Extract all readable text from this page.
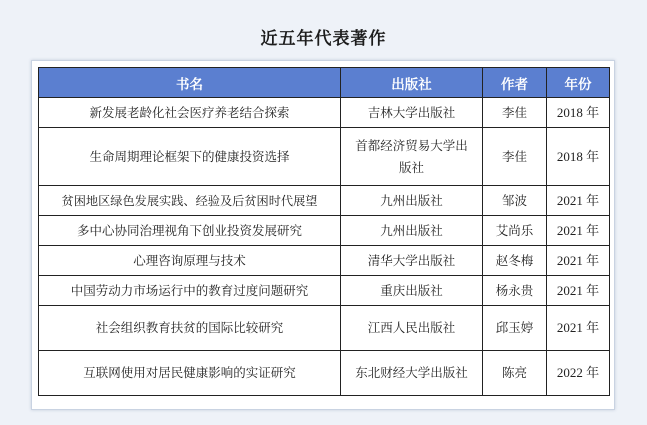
近五年代表著作
书名	出版社	作者	年份
新发展老龄化社会医疗养老结合探索	吉林大学出版社	李佳	2018 年
生命周期理论框架下的健康投资选择	首都经济贸易大学出版社	李佳	2018 年
贫困地区绿色发展实践、经验及后贫困时代展望	九州出版社	邹波	2021 年
多中心协同治理视角下创业投资发展研究	九州出版社	艾尚乐	2021 年
心理咨询原理与技术	清华大学出版社	赵冬梅	2021 年
中国劳动力市场运行中的教育过度问题研究	重庆出版社	杨永贵	2021 年
社会组织教育扶贫的国际比较研究	江西人民出版社	邱玉婷	2021 年
互联网使用对居民健康影响的实证研究	东北财经大学出版社	陈亮	2022 年
